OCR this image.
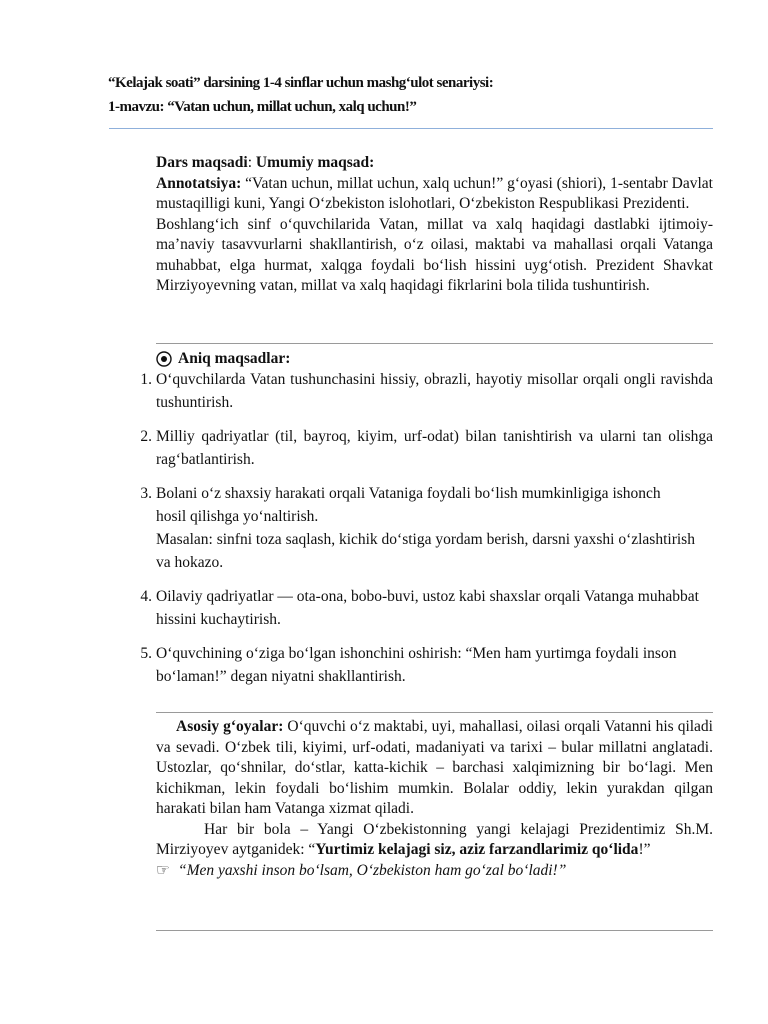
“Kelajak soati” darsining 1-4 sinflar uchun mashg‘ulot senariysi:
1-mavzu: “Vatan uchun, millat uchun, xalq uchun!”
Dars maqsadi: Umumiy maqsad:
Annotatsiya: “Vatan uchun, millat uchun, xalq uchun!” g‘oyasi (shiori), 1-sentabr Davlat mustaqilligi kuni, Yangi O‘zbekiston islohotlari, O‘zbekiston Respublikasi Prezidenti.
Boshlang‘ich sinf o‘quvchilarida Vatan, millat va xalq haqidagi dastlabki ijtimoiy-ma’naviy tasavvurlarni shakllantirish, o‘z oilasi, maktabi va mahallasi orqali Vatanga muhabbat, elga hurmat, xalqga foydali bo‘lish hissini uyg‘otish. Prezident Shavkat Mirziyoyevning vatan, millat va xalq haqidagi fikrlarini bola tilida tushuntirish.
Aniq maqsadlar:
1. O‘quvchilarda Vatan tushunchasini hissiy, obrazli, hayotiy misollar orqali ongli ravishda tushuntirish.
2. Milliy qadriyatlar (til, bayroq, kiyim, urf-odat) bilan tanishtirish va ularni tan olishga rag‘batlantirish.
3. Bolani o‘z shaxsiy harakati orqali Vataniga foydali bo‘lish mumkinligiga ishonch hosil qilishga yo‘naltirish.
Masalan: sinfni toza saqlash, kichik do‘stiga yordam berish, darsni yaxshi o‘zlashtirish va hokazo.
4. Oilaviy qadriyatlar — ota-ona, bobo-buvi, ustoz kabi shaxslar orqali Vatanga muhabbat hissini kuchaytirish.
5. O‘quvchining o‘ziga bo‘lgan ishonchini oshirish: “Men ham yurtimga foydali inson bo‘laman!” degan niyatni shakllantirish.
Asosiy g‘oyalar: O‘quvchi o‘z maktabi, uyi, mahallasi, oilasi orqali Vatanni his qiladi va sevadi. O‘zbek tili, kiyimi, urf-odati, madaniyati va tarixi – bular millatni anglatadi. Ustozlar, qo‘shnilar, do‘stlar, katta-kichik – barchasi xalqimizning bir bo‘lagi. Men kichikman, lekin foydali bo‘lishim mumkin. Bolalar oddiy, lekin yurakdan qilgan harakati bilan ham Vatanga xizmat qiladi.
Har bir bola – Yangi O‘zbekistonning yangi kelajagi Prezidentimiz Sh.M. Mirziyoyev aytganidek: “Yurtimiz kelajagi siz, aziz farzandlarimiz qo‘lida!”
☞ “Men yaxshi inson bo‘lsam, O‘zbekiston ham go‘zal bo‘ladi!”
